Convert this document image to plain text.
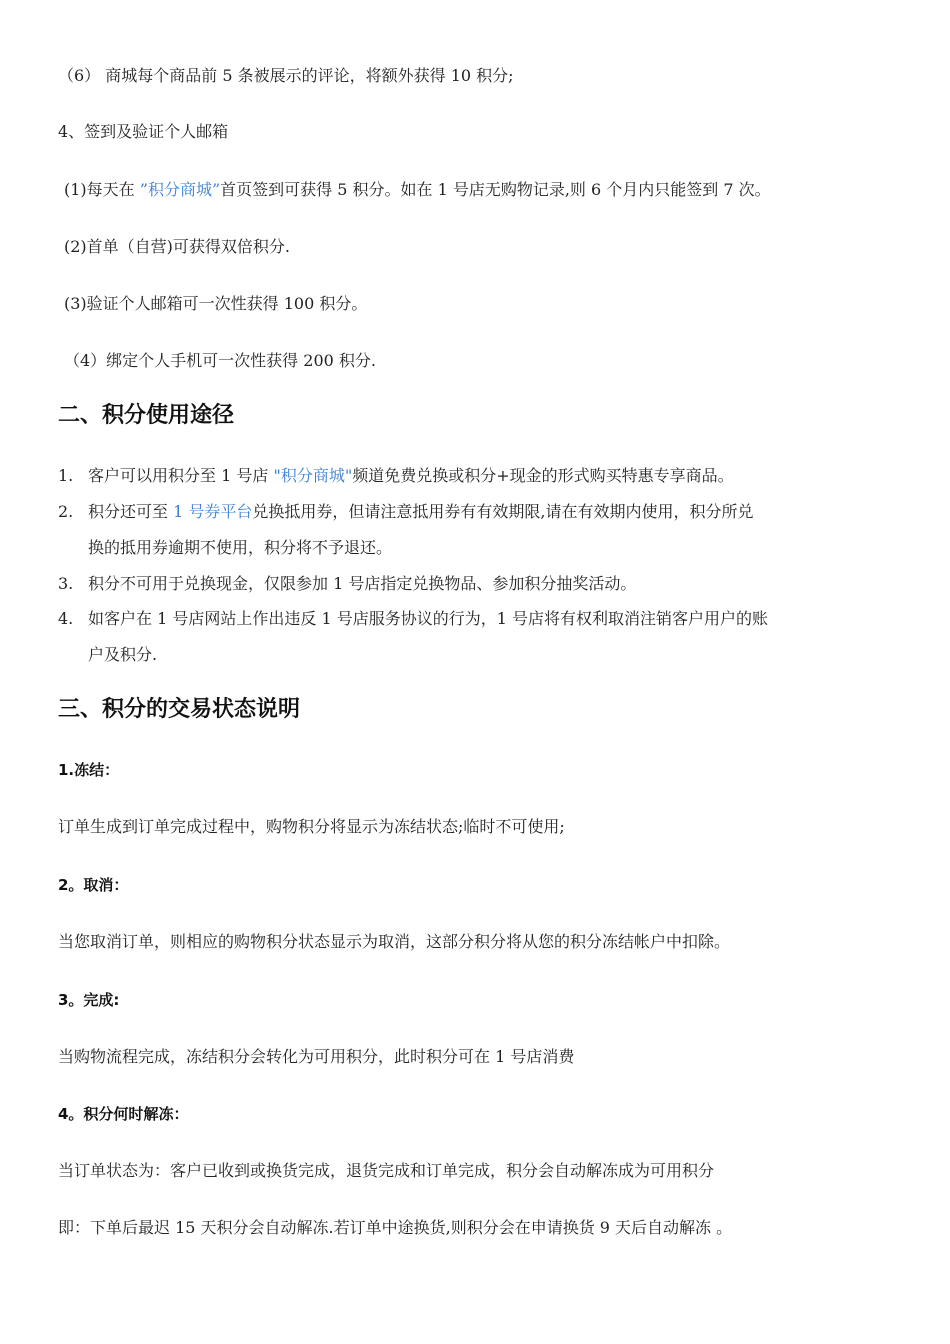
（6） 商城每个商品前 5 条被展示的评论，将额外获得 10 积分;
4、签到及验证个人邮箱
(1)每天在 ”积分商城”首页签到可获得 5 积分。如在 1 号店无购物记录,则 6 个月内只能签到 7 次。
(2)首单（自营)可获得双倍积分.
(3)验证个人邮箱可一次性获得 100 积分。
（4）绑定个人手机可一次性获得 200 积分.
二、积分使用途径
1. 客户可以用积分至 1 号店 "积分商城"频道免费兑换或积分+现金的形式购买特惠专享商品。
2. 积分还可至 1 号券平台兑换抵用券，但请注意抵用券有有效期限,请在有效期内使用，积分所兑
换的抵用券逾期不使用，积分将不予退还。
3. 积分不可用于兑换现金，仅限参加 1 号店指定兑换物品、参加积分抽奖活动。
4. 如客户在 1 号店网站上作出违反 1 号店服务协议的行为，1 号店将有权利取消注销客户用户的账
户及积分.
三、积分的交易状态说明
1.冻结：
订单生成到订单完成过程中，购物积分将显示为冻结状态;临时不可使用;
2。取消：
当您取消订单，则相应的购物积分状态显示为取消，这部分积分将从您的积分冻结帐户中扣除。
3。完成:
当购物流程完成，冻结积分会转化为可用积分，此时积分可在 1 号店消费
4。积分何时解冻：
当订单状态为：客户已收到或换货完成，退货完成和订单完成，积分会自动解冻成为可用积分
即：下单后最迟 15 天积分会自动解冻.若订单中途换货,则积分会在申请换货 9 天后自动解冻 。
